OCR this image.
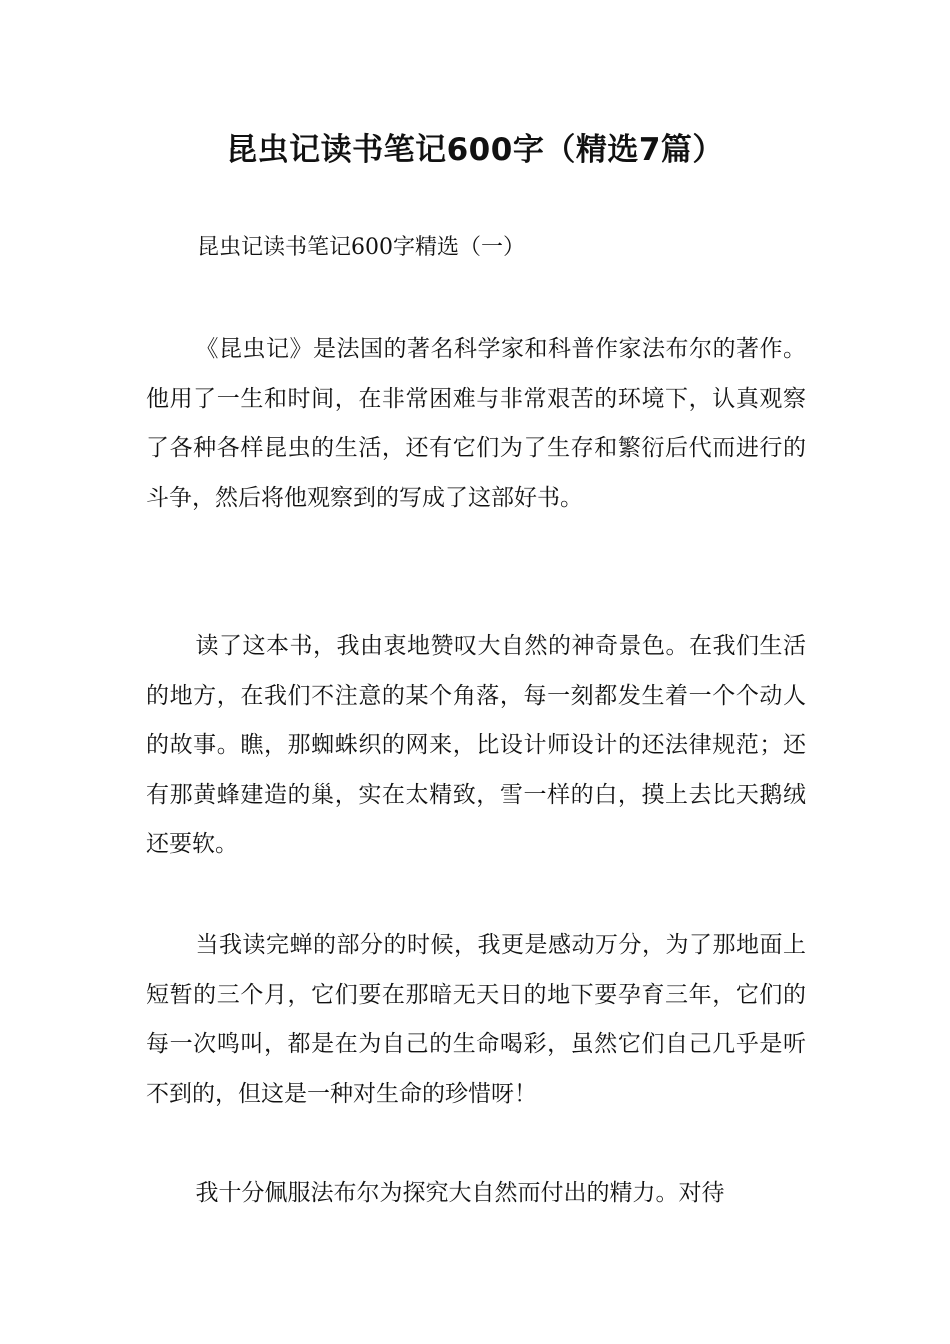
昆虫记读书笔记600字（精选7篇）

昆虫记读书笔记600字精选（一）

《昆虫记》是法国的著名科学家和科普作家法布尔的著作。他用了一生和时间，在非常困难与非常艰苦的环境下，认真观察了各种各样昆虫的生活，还有它们为了生存和繁衍后代而进行的斗争，然后将他观察到的写成了这部好书。

读了这本书，我由衷地赞叹大自然的神奇景色。在我们生活的地方，在我们不注意的某个角落，每一刻都发生着一个个动人的故事。瞧，那蜘蛛织的网来，比设计师设计的还法律规范；还有那黄蜂建造的巢，实在太精致，雪一样的白，摸上去比天鹅绒还要软。

当我读完蝉的部分的时候，我更是感动万分，为了那地面上短暂的三个月，它们要在那暗无天日的地下要孕育三年，它们的每一次鸣叫，都是在为自己的生命喝彩，虽然它们自己几乎是听不到的，但这是一种对生命的珍惜呀！

我十分佩服法布尔为探究大自然而付出的精力。对待
